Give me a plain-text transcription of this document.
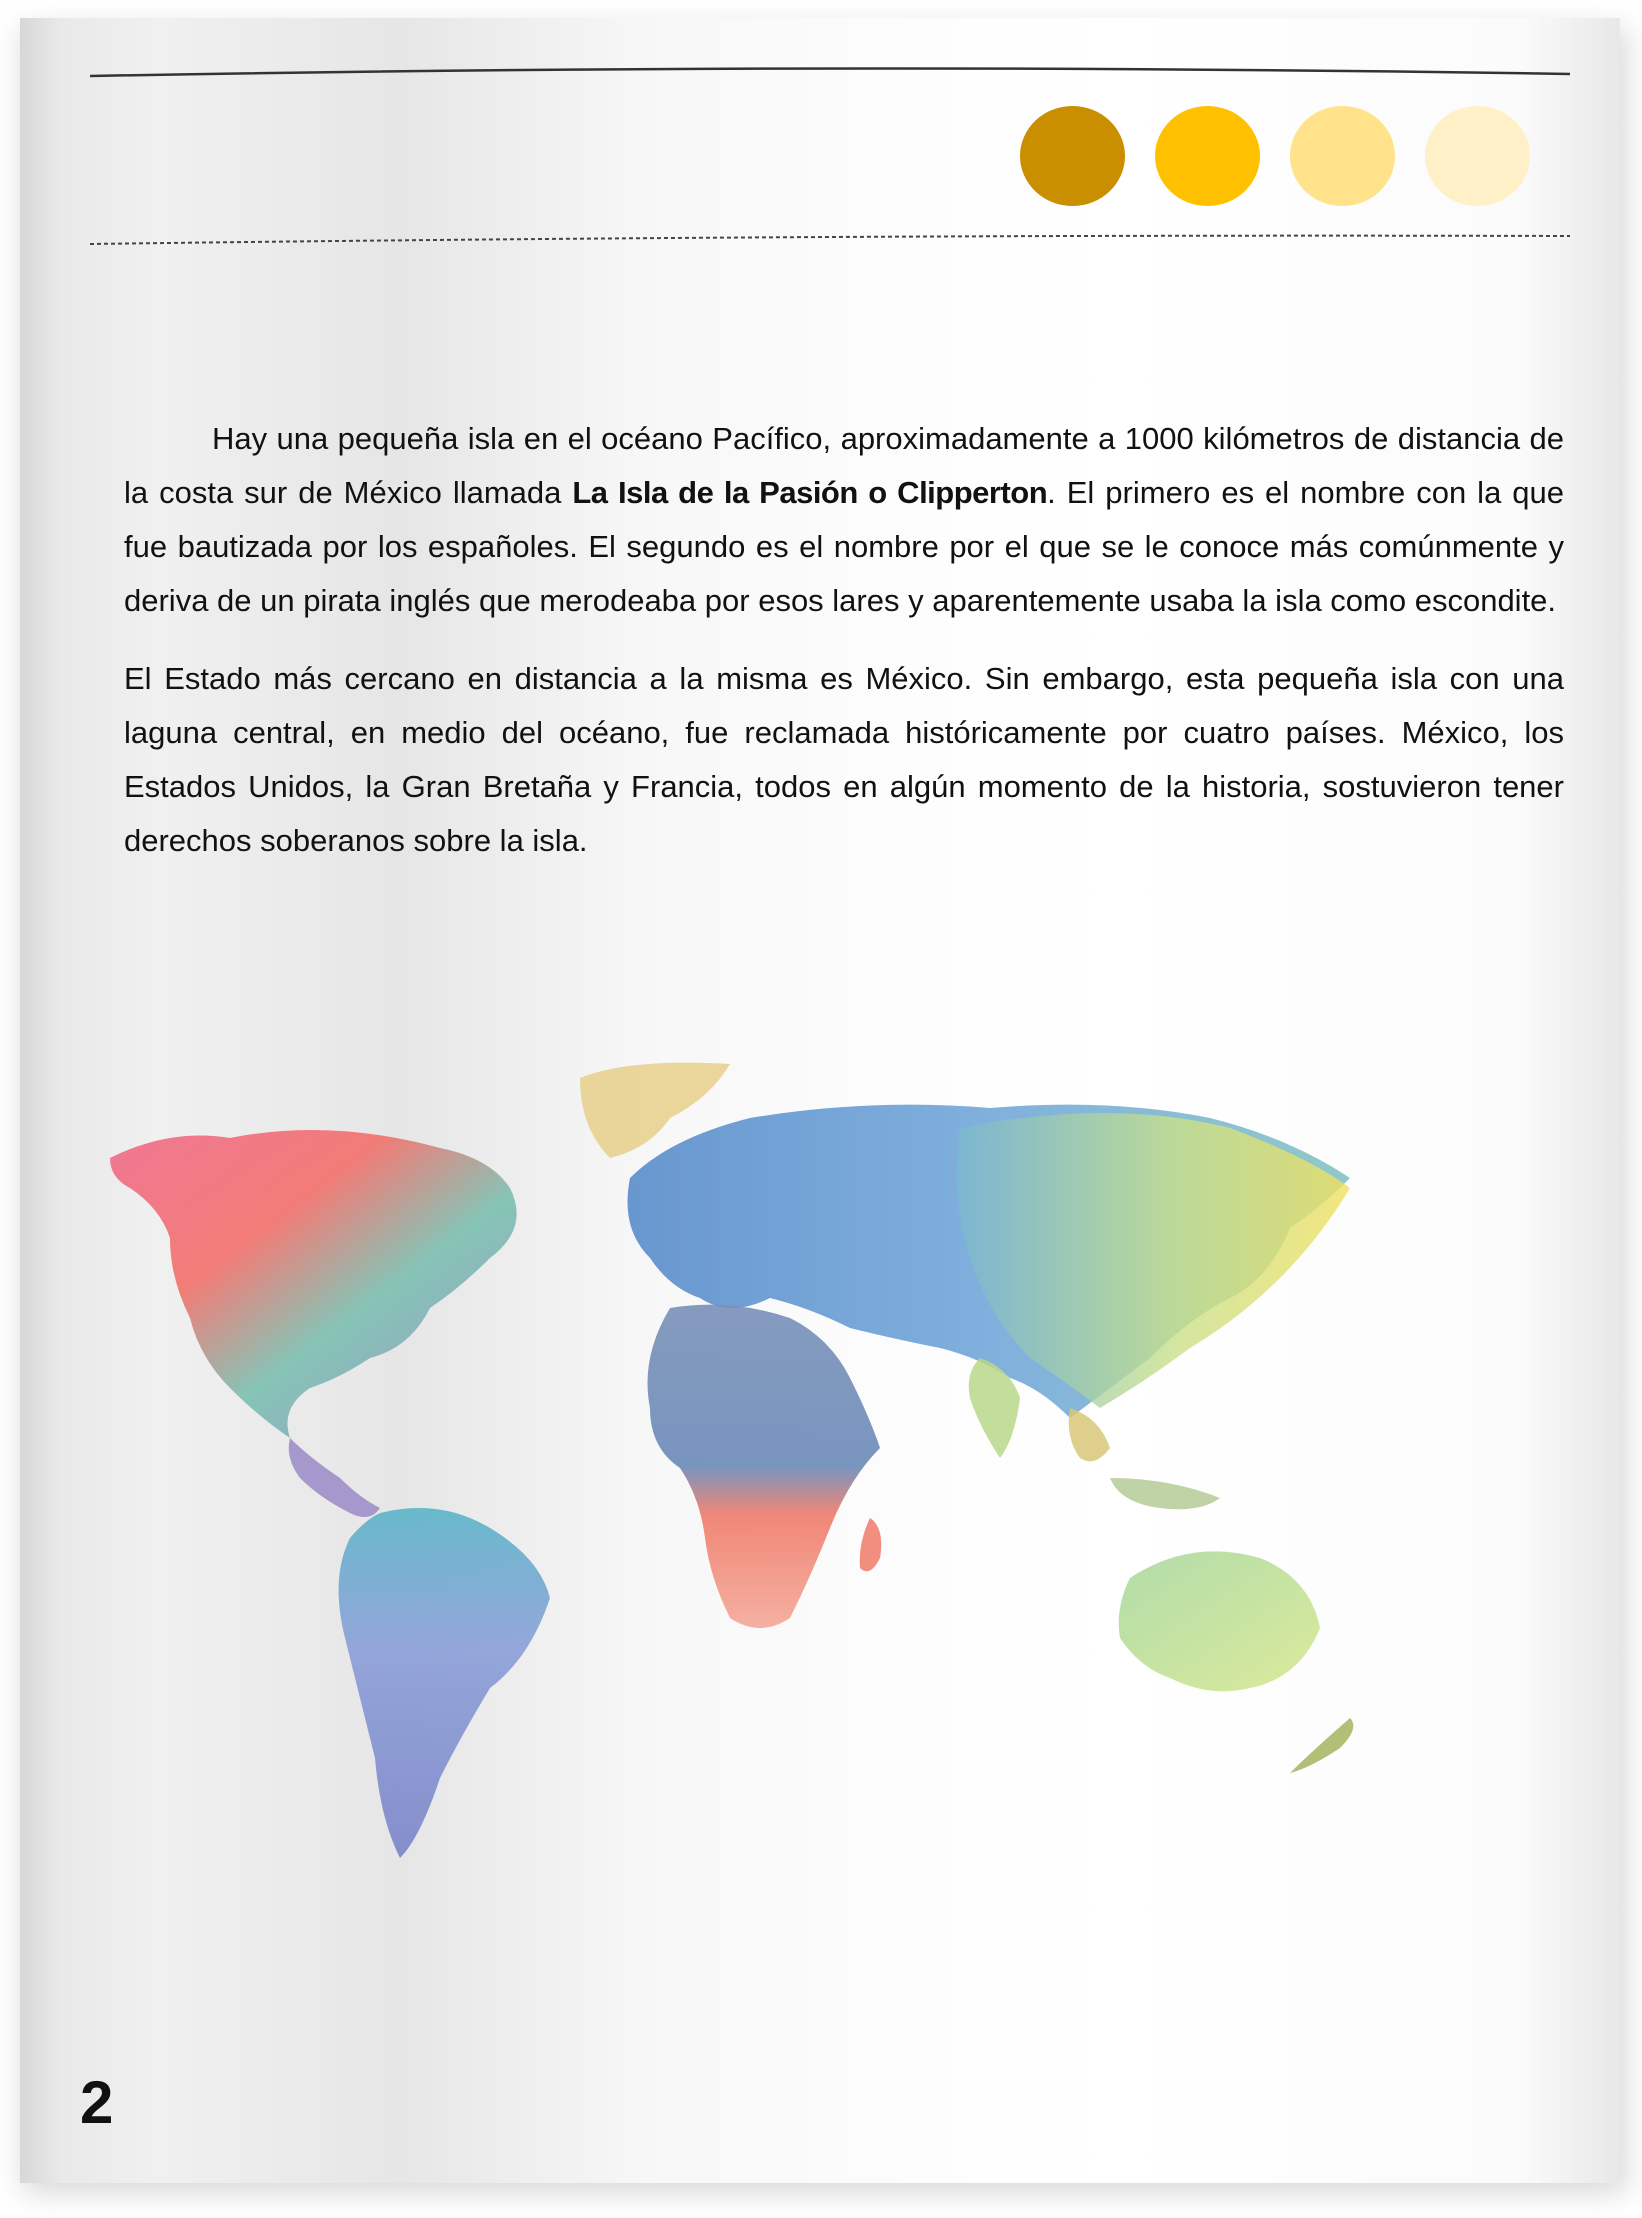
Hay una pequeña isla en el océano Pacífico, aproximadamente a 1000 kilómetros de distancia de la costa sur de México llamada La Isla de la Pasión o Clipperton. El primero es el nombre con la que fue bautizada por los españoles. El segundo es el nombre por el que se le conoce más comúnmente y deriva de un pirata inglés que merodeaba por esos lares y aparentemente usaba la isla como escondite.

El Estado más cercano en distancia a la misma es México. Sin embargo, esta pequeña isla con una laguna central, en medio del océano, fue reclamada históricamente por cuatro países. México, los Estados Unidos, la Gran Bretaña y Francia, todos en algún momento de la historia, sostuvieron tener derechos soberanos sobre la isla.

2
